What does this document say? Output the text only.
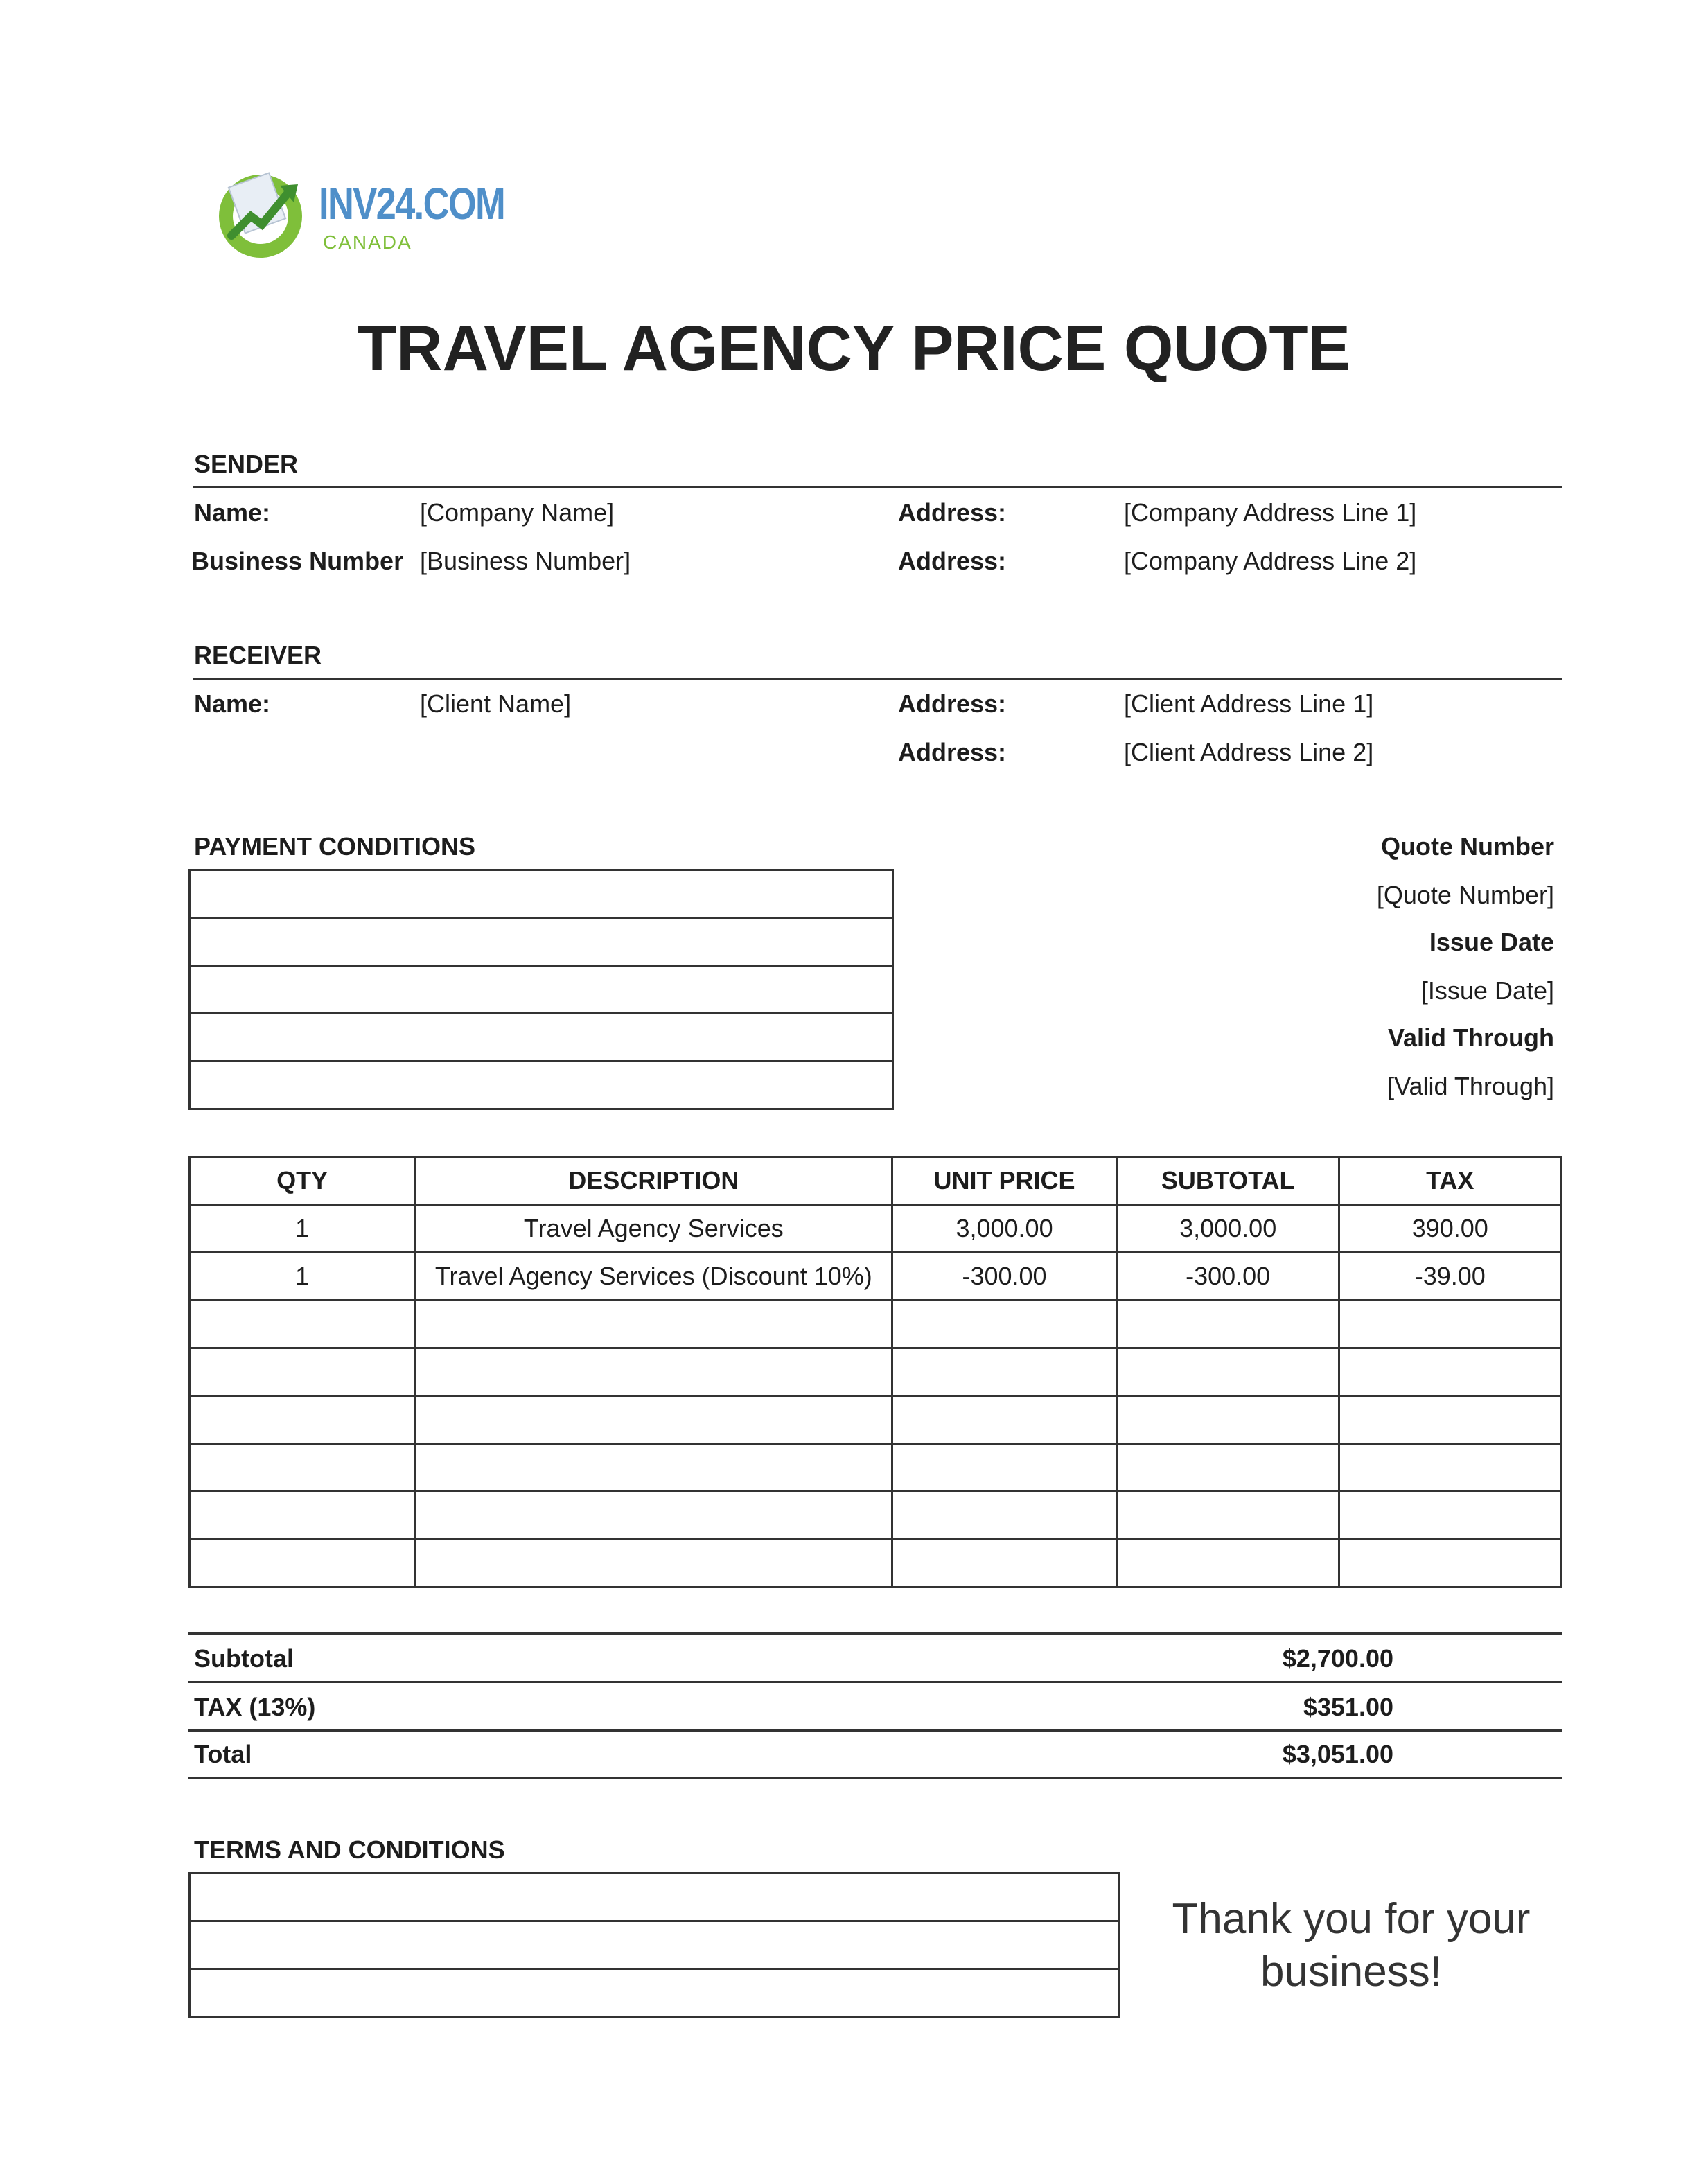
INV24.COM
CANADA
TRAVEL AGENCY PRICE QUOTE
SENDER
Name:	[Company Name]	Address:	[Company Address Line 1]
Business Number [Business Number]	Address:	[Company Address Line 2]
RECEIVER
Name:	[Client Name]	Address:	[Client Address Line 1]
Address:	[Client Address Line 2]
PAYMENT CONDITIONS	Quote Number
[Quote Number]
Issue Date
[Issue Date]
Valid Through
[Valid Through]
QTY	DESCRIPTION	UNIT PRICE	SUBTOTAL	TAX
1	Travel Agency Services	3,000.00	3,000.00	390.00
1	Travel Agency Services (Discount 10%)	-300.00	-300.00	-39.00

Subtotal	$2,700.00
TAX (13%)	$351.00
Total	$3,051.00
TERMS AND CONDITIONS

Thank you for your
business!
